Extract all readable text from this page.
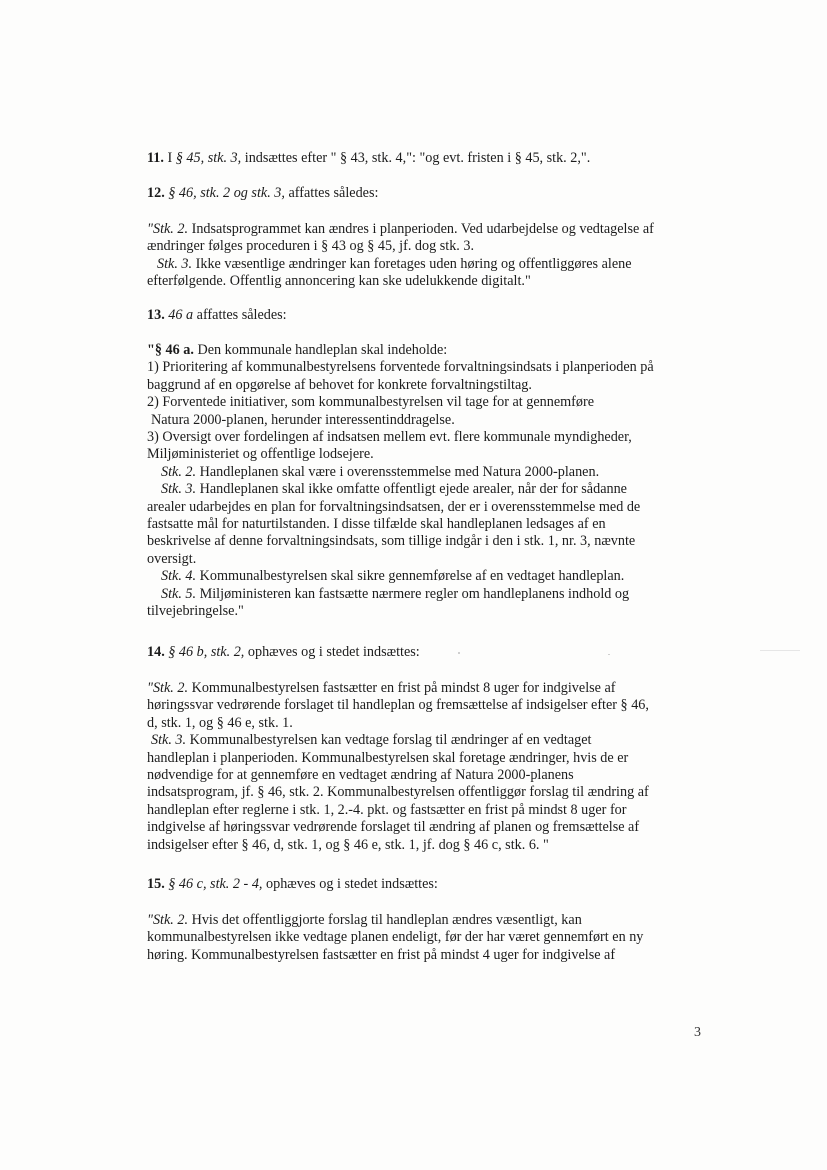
11. I § 45, stk. 3, indsættes efter " § 43, stk. 4,": "og evt. fristen i § 45, stk. 2,".

12. § 46, stk. 2 og stk. 3, affattes således:

"Stk. 2. Indsatsprogrammet kan ændres i planperioden. Ved udarbejdelse og vedtagelse af
ændringer følges proceduren i § 43 og § 45, jf. dog stk. 3.
Stk. 3. Ikke væsentlige ændringer kan foretages uden høring og offentliggøres alene
efterfølgende. Offentlig annoncering kan ske udelukkende digitalt."

13. 46 a affattes således:

"§ 46 a. Den kommunale handleplan skal indeholde:
1) Prioritering af kommunalbestyrelsens forventede forvaltningsindsats i planperioden på
baggrund af en opgørelse af behovet for konkrete forvaltningstiltag.
2) Forventede initiativer, som kommunalbestyrelsen vil tage for at gennemføre
Natura 2000-planen, herunder interessentinddragelse.
3) Oversigt over fordelingen af indsatsen mellem evt. flere kommunale myndigheder,
Miljøministeriet og offentlige lodsejere.
Stk. 2. Handleplanen skal være i overensstemmelse med Natura 2000-planen.
Stk. 3. Handleplanen skal ikke omfatte offentligt ejede arealer, når der for sådanne
arealer udarbejdes en plan for forvaltningsindsatsen, der er i overensstemmelse med de
fastsatte mål for naturtilstanden. I disse tilfælde skal handleplanen ledsages af en
beskrivelse af denne forvaltningsindsats, som tillige indgår i den i stk. 1, nr. 3, nævnte
oversigt.
Stk. 4. Kommunalbestyrelsen skal sikre gennemførelse af en vedtaget handleplan.
Stk. 5. Miljøministeren kan fastsætte nærmere regler om handleplanens indhold og
tilvejebringelse."

14. § 46 b, stk. 2, ophæves og i stedet indsættes:

"Stk. 2. Kommunalbestyrelsen fastsætter en frist på mindst 8 uger for indgivelse af
høringssvar vedrørende forslaget til handleplan og fremsættelse af indsigelser efter § 46,
d, stk. 1, og § 46 e, stk. 1.
Stk. 3. Kommunalbestyrelsen kan vedtage forslag til ændringer af en vedtaget
handleplan i planperioden. Kommunalbestyrelsen skal foretage ændringer, hvis de er
nødvendige for at gennemføre en vedtaget ændring af Natura 2000-planens
indsatsprogram, jf. § 46, stk. 2. Kommunalbestyrelsen offentliggør forslag til ændring af
handleplan efter reglerne i stk. 1, 2.-4. pkt. og fastsætter en frist på mindst 8 uger for
indgivelse af høringssvar vedrørende forslaget til ændring af planen og fremsættelse af
indsigelser efter § 46, d, stk. 1, og § 46 e, stk. 1, jf. dog § 46 c, stk. 6. "

15. § 46 c, stk. 2 - 4, ophæves og i stedet indsættes:

"Stk. 2. Hvis det offentliggjorte forslag til handleplan ændres væsentligt, kan
kommunalbestyrelsen ikke vedtage planen endeligt, før der har været gennemført en ny
høring. Kommunalbestyrelsen fastsætter en frist på mindst 4 uger for indgivelse af

3
